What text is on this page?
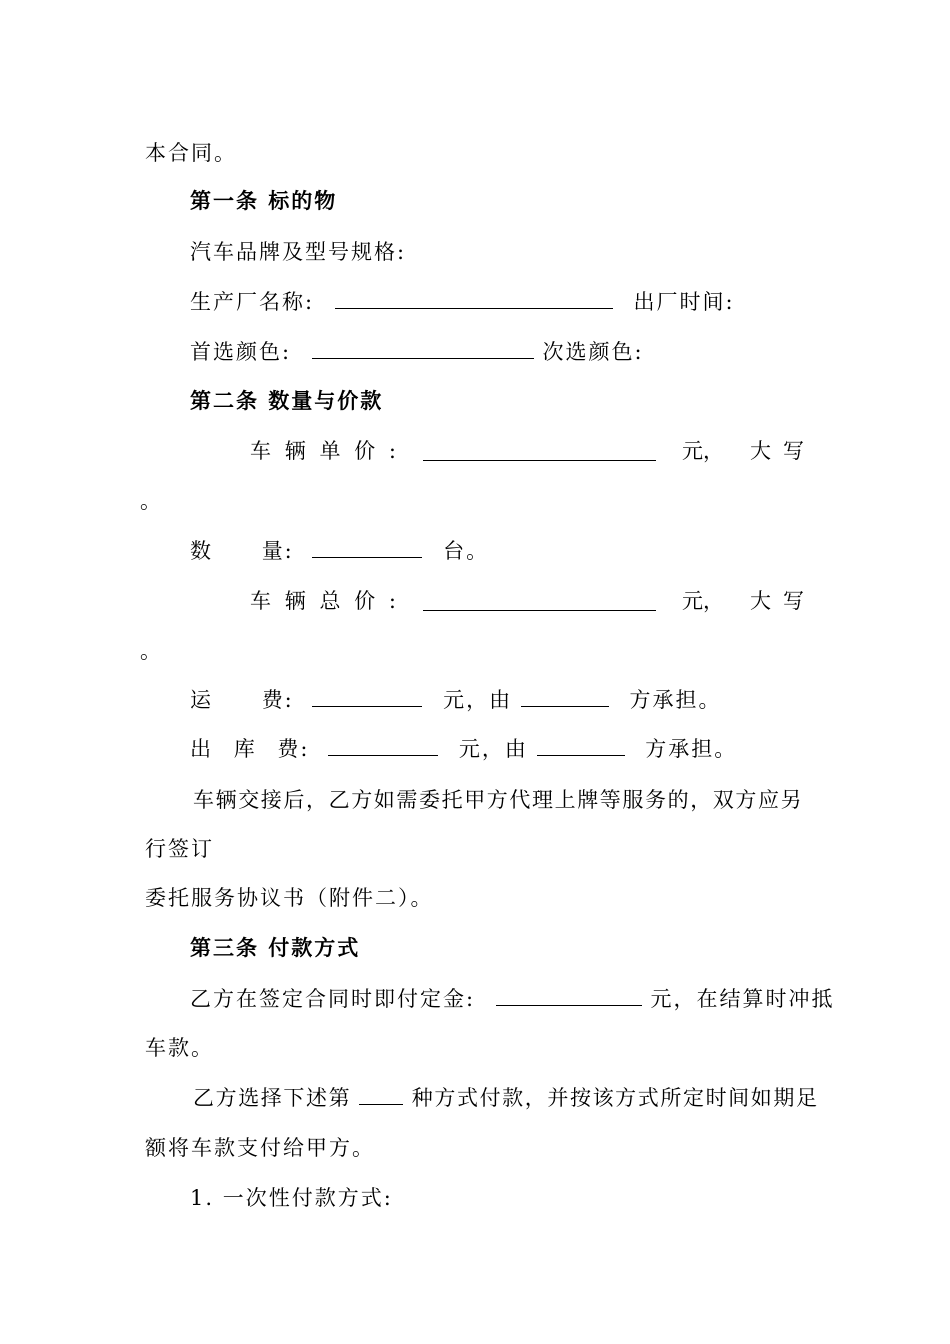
本合同。
第一条 标的物
汽车品牌及型号规格:
生产厂名称:	出厂时间:
首选颜色:	次选颜色:
第二条 数量与价款
车 辆 单 价 :	元 ， 大 写
。
数 量:	台。
车 辆 总 价 :	元 ， 大 写
。
运 费:	元，由	方承担。
出 库 费:	元，由	方承担。
车辆交接后，乙方如需委托甲方代理上牌等服务的，双方应另
行签订
委托服务协议书（附件二）。
第三条 付款方式
乙方在签定合同时即付定金:	元，在结算时冲抵
车款。
乙方选择下述第	种方式付款，并按该方式所定时间如期足
额将车款支付给甲方。
1. 一次性付款方式:
